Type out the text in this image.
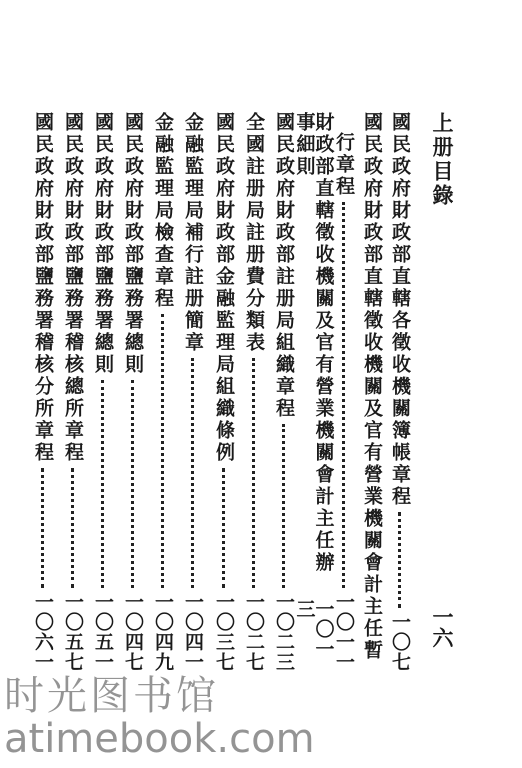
上册目錄
一六
國民政府財政部直轄各徵收機關簿帳章程
一〇七
國民政府財政部直轄徵收機關及官有營業機關會計主任暫
行章程
一〇一一
財政部直轄徵收機關及官有營業機關會計主任辦事細則
一〇一三
國民政府財政部註册局組織章程
一〇二三
全國註册局註册費分類表
一〇二七
國民政府財政部金融監理局組織條例
一〇三七
金融監理局補行註册簡章
一〇四一
金融監理局檢查章程
一〇四九
國民政府財政部鹽務署總則
一〇四七
國民政府財政部鹽務署總則
一〇五一
國民政府財政部鹽務署稽核總所章程
一〇五七
國民政府財政部鹽務署稽核分所章程
一〇六一
时光图书馆
atimebook.com
